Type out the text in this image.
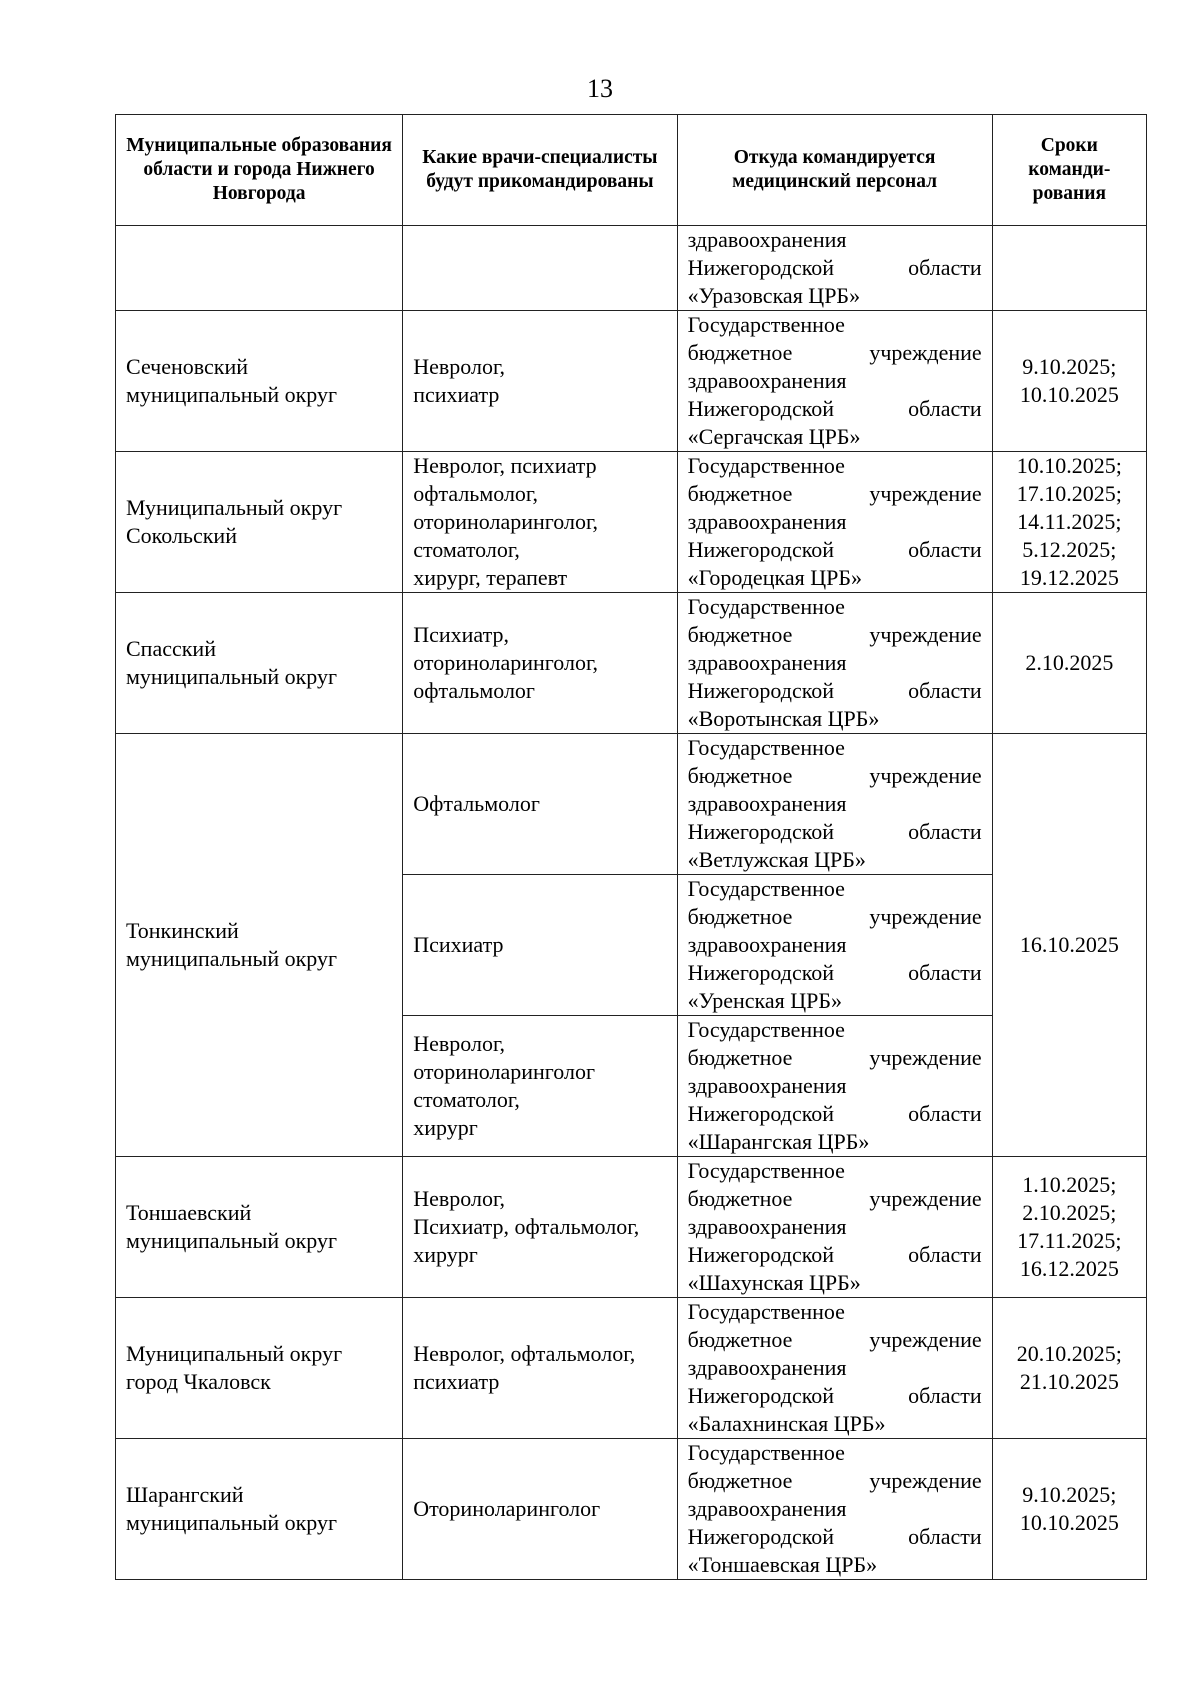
13
Муниципальные образования области и города Нижнего Новгорода	Какие врачи-специалисты будут прикомандированы	Откуда командируется медицинский персонал	Сроки команди-рования

		здравоохранения
Нижегородской области
«Уразовская ЦРБ»	

Сеченовский
муниципальный округ	Невролог,
психиатр	Государственное
бюджетное учреждение
здравоохранения
Нижегородской области
«Сергачская ЦРБ»	9.10.2025;
10.10.2025

Муниципальный округ
Сокольский	Невролог, психиатр
офтальмолог,
оториноларинголог,
стоматолог,
хирург, терапевт	Государственное
бюджетное учреждение
здравоохранения
Нижегородской области
«Городецкая ЦРБ»	10.10.2025;
17.10.2025;
14.11.2025;
5.12.2025;
19.12.2025

Спасский
муниципальный округ	Психиатр,
оториноларинголог,
офтальмолог	Государственное
бюджетное учреждение
здравоохранения
Нижегородской области
«Воротынская ЦРБ»	2.10.2025

Тонкинский
муниципальный округ	Офтальмолог	Государственное
бюджетное учреждение
здравоохранения
Нижегородской области
«Ветлужская ЦРБ»	16.10.2025

	Психиатр	Государственное
бюджетное учреждение
здравоохранения
Нижегородской области
«Уренская ЦРБ»	

	Невролог,
оториноларинголог
стоматолог,
хирург	Государственное
бюджетное учреждение
здравоохранения
Нижегородской области
«Шарангская ЦРБ»	

Тоншаевский
муниципальный округ	Невролог,
Психиатр, офтальмолог,
хирург	Государственное
бюджетное учреждение
здравоохранения
Нижегородской области
«Шахунская ЦРБ»	1.10.2025;
2.10.2025;
17.11.2025;
16.12.2025

Муниципальный округ
город Чкаловск	Невролог, офтальмолог,
психиатр	Государственное
бюджетное учреждение
здравоохранения
Нижегородской области
«Балахнинская ЦРБ»	20.10.2025;
21.10.2025

Шарангский
муниципальный округ	Оториноларинголог	Государственное
бюджетное учреждение
здравоохранения
Нижегородской области
«Тоншаевская ЦРБ»	9.10.2025;
10.10.2025
